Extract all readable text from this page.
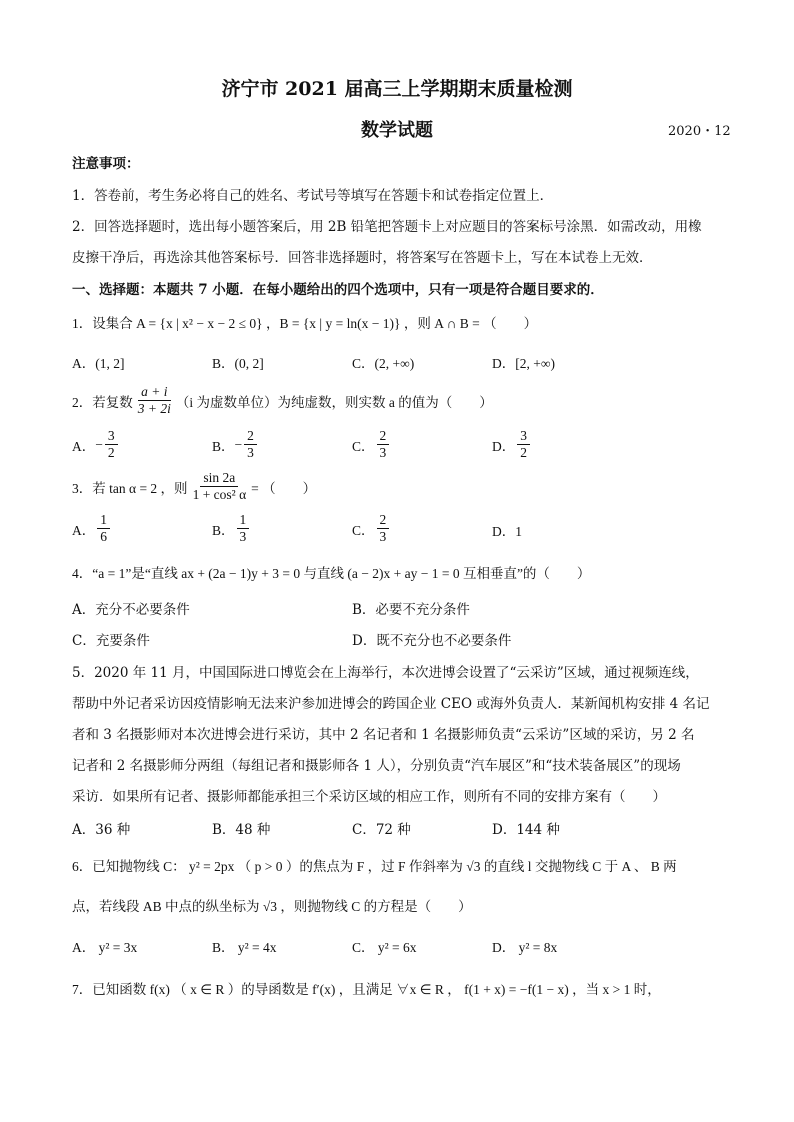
济宁市 2021 届高三上学期期末质量检测
数学试题	2020・12
注意事项：
1．答卷前，考生务必将自己的姓名、考试号等填写在答题卡和试卷指定位置上．
2．回答选择题时，选出每小题答案后，用 2B 铅笔把答题卡上对应题目的答案标号涂黑．如需改动，用橡
皮擦干净后，再选涂其他答案标号．回答非选择题时，将答案写在答题卡上，写在本试卷上无效．
一、选择题：本题共 7 小题．在每小题给出的四个选项中，只有一项是符合题目要求的．
1．设集合 A = {x | x² − x − 2 ≤ 0} ，B = {x | y = ln(x − 1)} ，则 A ∩ B = （　　）
A．(1, 2]	B．(0, 2]	C．(2, +∞)	D．[2, +∞)
2．若复数 $\frac{a + i}{3 + 2i} (i$ 为虚数单位）为纯虚数，则实数 a 的值为（　　）
A． − $\frac{3}{2}$	B． − $\frac{2}{3}$	C． $\frac{2}{3}$	D． $\frac{3}{2}$
3．若 tan α = 2 ，则 $\frac{\sin 2a}{\text{1 + cos² α}}$ = （　　）
A． $\frac{1}{6}$	B． $\frac{1}{3}$	C． $\frac{2}{3}$	D．1
4．“a = 1”是“直线 ax + (2a − 1)y + 3 = 0 与直线 (a − 2)x + ay − 1 = 0 互相垂直”的（　　）
A．充分不必要条件	B．必要不充分条件
C．充要条件	D．既不充分也不必要条件
5．2020 年 11 月，中国国际进口博览会在上海举行，本次进博会设置了“云采访”区域，通过视频连线，
帮助中外记者采访因疫情影响无法来沪参加进博会的跨国企业 CEO 或海外负责人．某新闻机构安排 4 名记
者和 3 名摄影师对本次进博会进行采访，其中 2 名记者和 1 名摄影师负责“云采访”区域的采访，另 2 名
记者和 2 名摄影师分两组（每组记者和摄影师各 1 人），分别负责“汽车展区”和“技术装备展区”的现场
采访．如果所有记者、摄影师都能承担三个采访区域的相应工作，则所有不同的安排方案有（　　）
A．36 种	B．48 种	C．72 种	D．144 种
6．已知抛物线 C： y² = 2px （ p > 0 ）的焦点为 F ，过 F 作斜率为 √3 的直线 l 交抛物线 C 于 A 、 B 两
点，若线段 AB 中点的纵坐标为 √3 ，则抛物线 C 的方程是（　　）
A． y² = 3x	B． y² = 4x	C． y² = 6x	D． y² = 8x
7．已知函数 f(x) （ x ∈ R ）的导函数是 f′(x) ，且满足 ∀x ∈ R ， f(1 + x) = −f(1 − x) ，当 x > 1 时，
